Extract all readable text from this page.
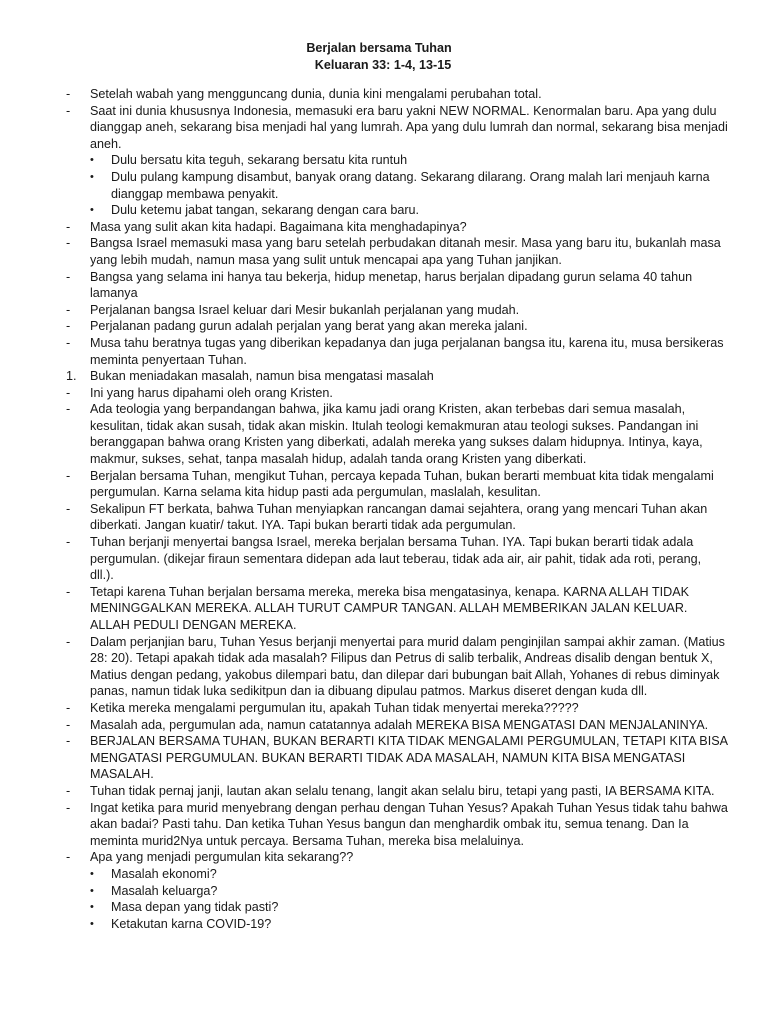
Berjalan bersama Tuhan
Keluaran 33: 1-4, 13-15
-	Setelah wabah yang mengguncang dunia, dunia kini mengalami perubahan total.
-	Saat ini dunia khususnya Indonesia, memasuki era baru yakni NEW NORMAL. Kenormalan baru. Apa yang dulu dianggap aneh, sekarang bisa menjadi hal yang lumrah. Apa yang dulu lumrah dan normal, sekarang bisa menjadi aneh.
•	Dulu bersatu kita teguh, sekarang bersatu kita runtuh
•	Dulu pulang kampung disambut, banyak orang datang. Sekarang dilarang. Orang malah lari menjauh karna dianggap membawa penyakit.
•	Dulu ketemu jabat tangan, sekarang dengan cara baru.
-	Masa yang sulit akan kita hadapi. Bagaimana kita menghadapinya?
-	Bangsa Israel memasuki masa yang baru setelah perbudakan ditanah mesir. Masa yang baru itu, bukanlah masa yang lebih mudah, namun masa yang sulit untuk mencapai apa yang Tuhan janjikan.
-	Bangsa yang selama ini hanya tau bekerja, hidup menetap, harus berjalan dipadang gurun selama 40 tahun lamanya
-	Perjalanan bangsa Israel keluar dari Mesir bukanlah perjalanan yang mudah.
-	Perjalanan padang gurun adalah perjalan yang berat yang akan mereka jalani.
-	Musa tahu beratnya tugas yang diberikan kepadanya dan juga perjalanan bangsa itu, karena itu, musa bersikeras meminta penyertaan Tuhan.
1.	Bukan meniadakan masalah, namun bisa mengatasi masalah
-	Ini yang harus dipahami oleh orang Kristen.
-	Ada teologia yang berpandangan bahwa, jika kamu jadi orang Kristen, akan terbebas dari semua masalah, kesulitan, tidak akan susah, tidak akan miskin. Itulah teologi kemakmuran atau teologi sukses. Pandangan ini beranggapan bahwa orang Kristen yang diberkati, adalah mereka yang sukses dalam hidupnya. Intinya, kaya, makmur, sukses, sehat, tanpa masalah hidup, adalah tanda orang Kristen yang diberkati.
-	Berjalan bersama Tuhan, mengikut Tuhan, percaya kepada Tuhan, bukan berarti membuat kita tidak mengalami pergumulan. Karna selama kita hidup pasti ada pergumulan, maslalah, kesulitan.
-	Sekalipun FT berkata, bahwa Tuhan menyiapkan rancangan damai sejahtera, orang yang mencari Tuhan akan diberkati. Jangan kuatir/ takut. IYA. Tapi bukan berarti tidak ada pergumulan.
-	Tuhan berjanji menyertai bangsa Israel, mereka berjalan bersama Tuhan. IYA. Tapi bukan berarti tidak adala pergumulan. (dikejar firaun sementara didepan ada laut teberau, tidak ada air, air pahit, tidak ada roti, perang, dll.).
-	Tetapi karena Tuhan berjalan bersama mereka, mereka bisa mengatasinya, kenapa. KARNA ALLAH TIDAK MENINGGALKAN MEREKA. ALLAH TURUT CAMPUR TANGAN. ALLAH MEMBERIKAN JALAN KELUAR. ALLAH PEDULI DENGAN MEREKA.
-	Dalam perjanjian baru, Tuhan Yesus berjanji menyertai para murid dalam penginjilan sampai akhir zaman. (Matius 28: 20). Tetapi apakah tidak ada masalah? Filipus dan Petrus di salib terbalik, Andreas disalib dengan bentuk X, Matius dengan pedang, yakobus dilempari batu, dan dilepar dari bubungan bait Allah, Yohanes di rebus diminyak panas, namun tidak luka sedikitpun dan ia dibuang dipulau patmos. Markus diseret dengan kuda dll.
-	Ketika mereka mengalami pergumulan itu, apakah Tuhan tidak menyertai mereka?????
-	Masalah ada, pergumulan ada, namun catatannya adalah MEREKA BISA MENGATASI DAN MENJALANINYA.
-	BERJALAN BERSAMA TUHAN, BUKAN BERARTI KITA TIDAK MENGALAMI PERGUMULAN, TETAPI KITA BISA MENGATASI PERGUMULAN. BUKAN BERARTI TIDAK ADA MASALAH, NAMUN KITA BISA MENGATASI MASALAH.
-	Tuhan tidak pernaj janji, lautan akan selalu tenang, langit akan selalu biru, tetapi yang pasti, IA BERSAMA KITA.
-	Ingat ketika para murid menyebrang dengan perhau dengan Tuhan Yesus? Apakah Tuhan Yesus tidak tahu bahwa akan badai? Pasti tahu. Dan ketika Tuhan Yesus bangun dan menghardik ombak itu, semua tenang. Dan Ia meminta murid2Nya untuk percaya. Bersama Tuhan, mereka bisa melaluinya.
-	Apa yang menjadi pergumulan kita sekarang??
•	Masalah ekonomi?
•	Masalah keluarga?
•	Masa depan yang tidak pasti?
•	Ketakutan karna COVID-19?
